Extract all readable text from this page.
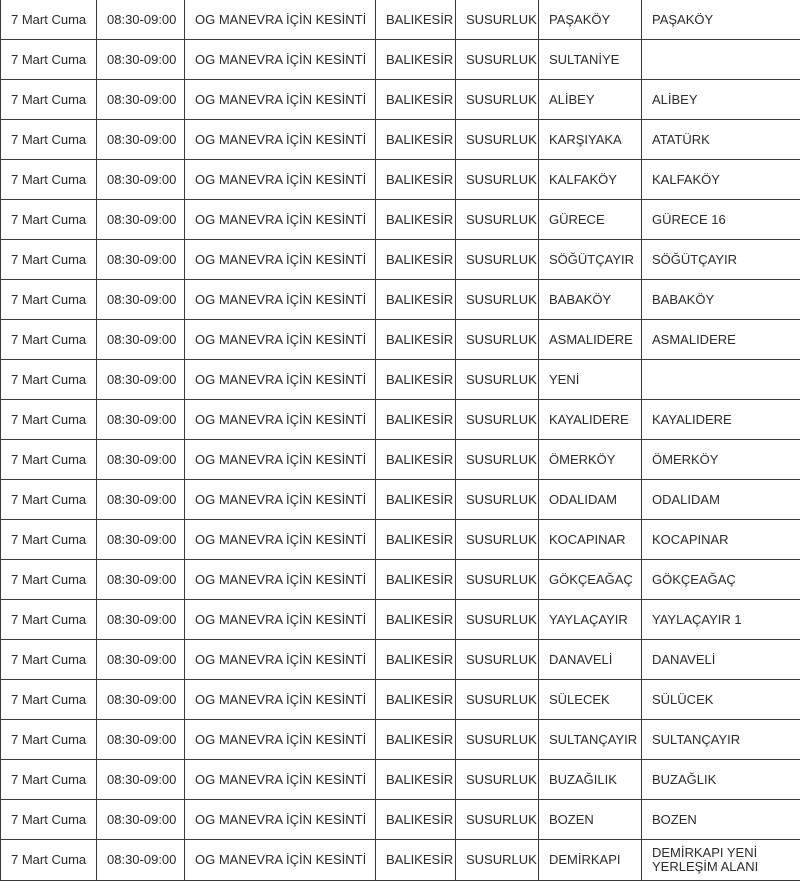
7 Mart Cuma	08:30-09:00	OG MANEVRA İÇİN KESİNTİ	BALIKESİR	SUSURLUK	PAŞAKÖY	PAŞAKÖY
7 Mart Cuma	08:30-09:00	OG MANEVRA İÇİN KESİNTİ	BALIKESİR	SUSURLUK	SULTANİYE	
7 Mart Cuma	08:30-09:00	OG MANEVRA İÇİN KESİNTİ	BALIKESİR	SUSURLUK	ALİBEY	ALİBEY
7 Mart Cuma	08:30-09:00	OG MANEVRA İÇİN KESİNTİ	BALIKESİR	SUSURLUK	KARŞIYAKA	ATATÜRK
7 Mart Cuma	08:30-09:00	OG MANEVRA İÇİN KESİNTİ	BALIKESİR	SUSURLUK	KALFAKÖY	KALFAKÖY
7 Mart Cuma	08:30-09:00	OG MANEVRA İÇİN KESİNTİ	BALIKESİR	SUSURLUK	GÜRECE	GÜRECE 16
7 Mart Cuma	08:30-09:00	OG MANEVRA İÇİN KESİNTİ	BALIKESİR	SUSURLUK	SÖĞÜTÇAYIR	SÖĞÜTÇAYIR
7 Mart Cuma	08:30-09:00	OG MANEVRA İÇİN KESİNTİ	BALIKESİR	SUSURLUK	BABAKÖY	BABAKÖY
7 Mart Cuma	08:30-09:00	OG MANEVRA İÇİN KESİNTİ	BALIKESİR	SUSURLUK	ASMALIDERE	ASMALIDERE
7 Mart Cuma	08:30-09:00	OG MANEVRA İÇİN KESİNTİ	BALIKESİR	SUSURLUK	YENİ	
7 Mart Cuma	08:30-09:00	OG MANEVRA İÇİN KESİNTİ	BALIKESİR	SUSURLUK	KAYALIDERE	KAYALIDERE
7 Mart Cuma	08:30-09:00	OG MANEVRA İÇİN KESİNTİ	BALIKESİR	SUSURLUK	ÖMERKÖY	ÖMERKÖY
7 Mart Cuma	08:30-09:00	OG MANEVRA İÇİN KESİNTİ	BALIKESİR	SUSURLUK	ODALIDAM	ODALIDAM
7 Mart Cuma	08:30-09:00	OG MANEVRA İÇİN KESİNTİ	BALIKESİR	SUSURLUK	KOCAPINAR	KOCAPINAR
7 Mart Cuma	08:30-09:00	OG MANEVRA İÇİN KESİNTİ	BALIKESİR	SUSURLUK	GÖKÇEAĞAÇ	GÖKÇEAĞAÇ
7 Mart Cuma	08:30-09:00	OG MANEVRA İÇİN KESİNTİ	BALIKESİR	SUSURLUK	YAYLAÇAYIR	YAYLAÇAYIR 1
7 Mart Cuma	08:30-09:00	OG MANEVRA İÇİN KESİNTİ	BALIKESİR	SUSURLUK	DANAVELİ	DANAVELİ
7 Mart Cuma	08:30-09:00	OG MANEVRA İÇİN KESİNTİ	BALIKESİR	SUSURLUK	SÜLECEK	SÜLÜCEK
7 Mart Cuma	08:30-09:00	OG MANEVRA İÇİN KESİNTİ	BALIKESİR	SUSURLUK	SULTANÇAYIR	SULTANÇAYIR
7 Mart Cuma	08:30-09:00	OG MANEVRA İÇİN KESİNTİ	BALIKESİR	SUSURLUK	BUZAĞILIK	BUZAĞLIK
7 Mart Cuma	08:30-09:00	OG MANEVRA İÇİN KESİNTİ	BALIKESİR	SUSURLUK	BOZEN	BOZEN
7 Mart Cuma	08:30-09:00	OG MANEVRA İÇİN KESİNTİ	BALIKESİR	SUSURLUK	DEMİRKAPI	DEMİRKAPI YENİ YERLEŞİM ALANI
